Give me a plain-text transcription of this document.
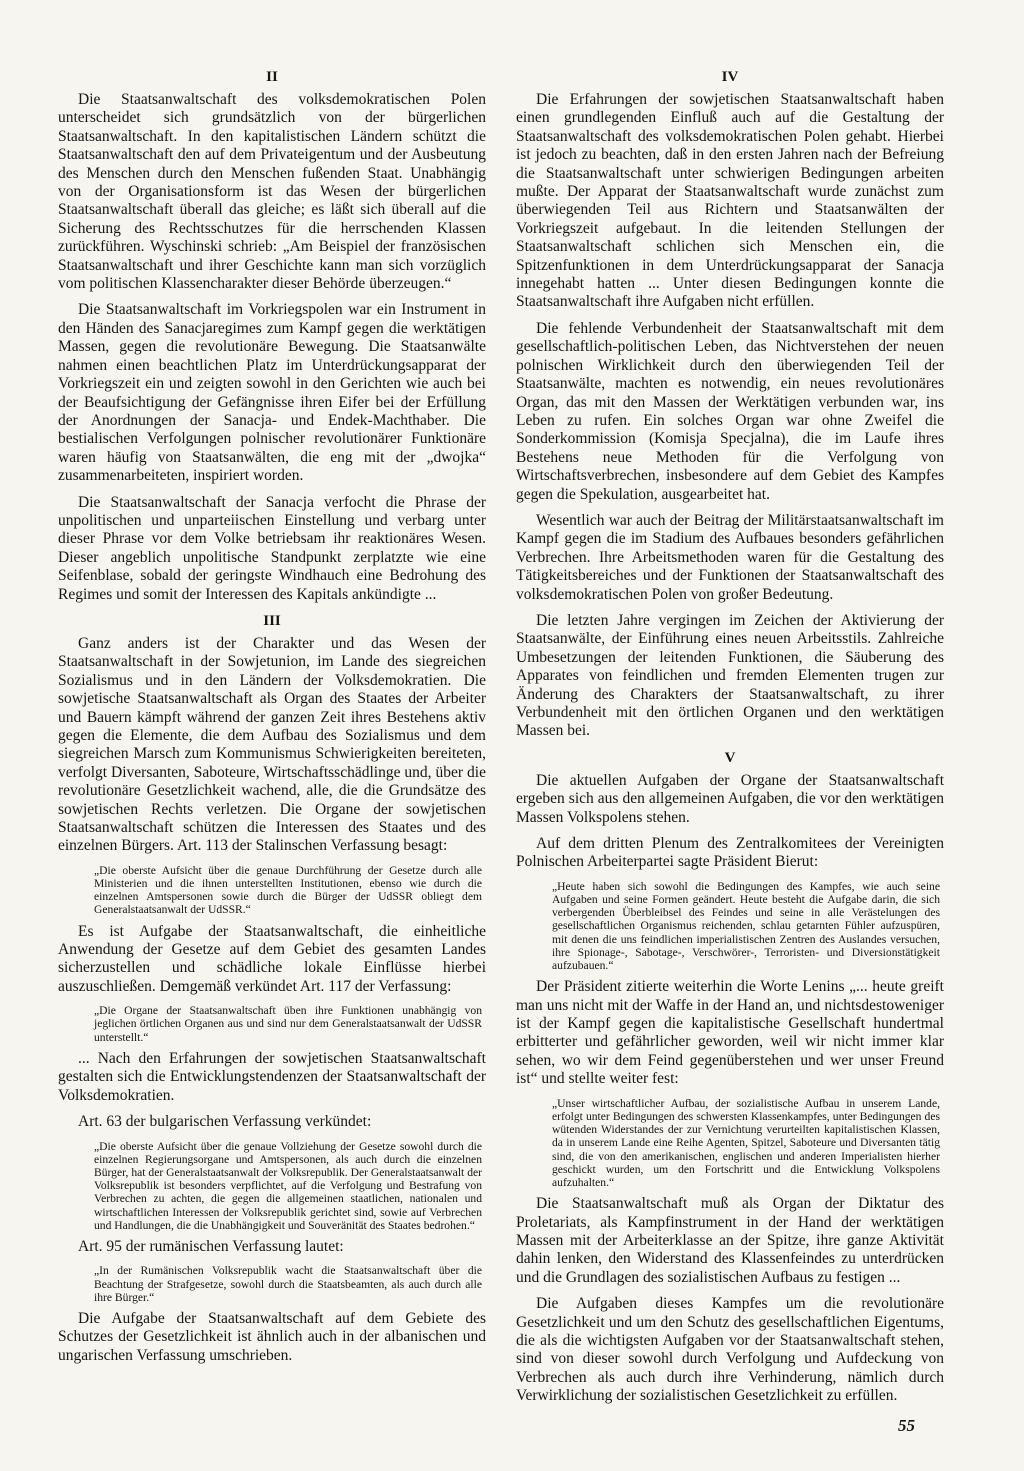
II

Die Staatsanwaltschaft des volksdemokratischen Polen unterscheidet sich grundsätzlich von der bürgerlichen Staatsanwaltschaft. In den kapitalistischen Ländern schützt die Staatsanwaltschaft den auf dem Privateigentum und der Ausbeutung des Menschen durch den Menschen fußenden Staat. Unabhängig von der Organisationsform ist das Wesen der bürgerlichen Staatsanwaltschaft überall das gleiche; es läßt sich überall auf die Sicherung des Rechtsschutzes für die herrschenden Klassen zurückführen. Wyschinski schrieb: „Am Beispiel der französischen Staatsanwaltschaft und ihrer Geschichte kann man sich vorzüglich vom politischen Klassencharakter dieser Behörde überzeugen.“

Die Staatsanwaltschaft im Vorkriegspolen war ein Instrument in den Händen des Sanacjaregimes zum Kampf gegen die werktätigen Massen, gegen die revolutionäre Bewegung. Die Staatsanwälte nahmen einen beachtlichen Platz im Unterdrückungsapparat der Vorkriegszeit ein und zeigten sowohl in den Gerichten wie auch bei der Beaufsichtigung der Gefängnisse ihren Eifer bei der Erfüllung der Anordnungen der Sanacja- und Endek-Machthaber. Die bestialischen Verfolgungen polnischer revolutionärer Funktionäre waren häufig von Staatsanwälten, die eng mit der „dwojka“ zusammenarbeiteten, inspiriert worden.

Die Staatsanwaltschaft der Sanacja verfocht die Phrase der unpolitischen und unparteiischen Einstellung und verbarg unter dieser Phrase vor dem Volke betriebsam ihr reaktionäres Wesen. Dieser angeblich unpolitische Standpunkt zerplatzte wie eine Seifenblase, sobald der geringste Windhauch eine Bedrohung des Regimes und somit der Interessen des Kapitals ankündigte ...

III

Ganz anders ist der Charakter und das Wesen der Staatsanwaltschaft in der Sowjetunion, im Lande des siegreichen Sozialismus und in den Ländern der Volksdemokratien. Die sowjetische Staatsanwaltschaft als Organ des Staates der Arbeiter und Bauern kämpft während der ganzen Zeit ihres Bestehens aktiv gegen die Elemente, die dem Aufbau des Sozialismus und dem siegreichen Marsch zum Kommunismus Schwierigkeiten bereiteten, verfolgt Diversanten, Saboteure, Wirtschaftsschädlinge und, über die revolutionäre Gesetzlichkeit wachend, alle, die die Grundsätze des sowjetischen Rechts verletzen. Die Organe der sowjetischen Staatsanwaltschaft schützen die Interessen des Staates und des einzelnen Bürgers. Art. 113 der Stalinschen Verfassung besagt:

„Die oberste Aufsicht über die genaue Durchführung der Gesetze durch alle Ministerien und die ihnen unterstellten Institutionen, ebenso wie durch die einzelnen Amtspersonen sowie durch die Bürger der UdSSR obliegt dem Generalstaatsanwalt der UdSSR.“

Es ist Aufgabe der Staatsanwaltschaft, die einheitliche Anwendung der Gesetze auf dem Gebiet des gesamten Landes sicherzustellen und schädliche lokale Einflüsse hierbei auszuschließen. Demgemäß verkündet Art. 117 der Verfassung:

„Die Organe der Staatsanwaltschaft üben ihre Funktionen unabhängig von jeglichen örtlichen Organen aus und sind nur dem Generalstaatsanwalt der UdSSR unterstellt.“

... Nach den Erfahrungen der sowjetischen Staatsanwaltschaft gestalten sich die Entwicklungstendenzen der Staatsanwaltschaft der Volksdemokratien.

Art. 63 der bulgarischen Verfassung verkündet:

„Die oberste Aufsicht über die genaue Vollziehung der Gesetze sowohl durch die einzelnen Regierungsorgane und Amtspersonen, als auch durch die einzelnen Bürger, hat der Generalstaatsanwalt der Volksrepublik. Der Generalstaatsanwalt der Volksrepublik ist besonders verpflichtet, auf die Verfolgung und Bestrafung von Verbrechen zu achten, die gegen die allgemeinen staatlichen, nationalen und wirtschaftlichen Interessen der Volksrepublik gerichtet sind, sowie auf Verbrechen und Handlungen, die die Unabhängigkeit und Souveränität des Staates bedrohen.“

Art. 95 der rumänischen Verfassung lautet:

„In der Rumänischen Volksrepublik wacht die Staatsanwaltschaft über die Beachtung der Strafgesetze, sowohl durch die Staatsbeamten, als auch durch alle ihre Bürger.“

Die Aufgabe der Staatsanwaltschaft auf dem Gebiete des Schutzes der Gesetzlichkeit ist ähnlich auch in der albanischen und ungarischen Verfassung umschrieben.

IV

Die Erfahrungen der sowjetischen Staatsanwaltschaft haben einen grundlegenden Einfluß auch auf die Gestaltung der Staatsanwaltschaft des volksdemokratischen Polen gehabt. Hierbei ist jedoch zu beachten, daß in den ersten Jahren nach der Befreiung die Staatsanwaltschaft unter schwierigen Bedingungen arbeiten mußte. Der Apparat der Staatsanwaltschaft wurde zunächst zum überwiegenden Teil aus Richtern und Staatsanwälten der Vorkriegszeit aufgebaut. In die leitenden Stellungen der Staatsanwaltschaft schlichen sich Menschen ein, die Spitzenfunktionen in dem Unterdrückungsapparat der Sanacja innegehabt hatten ... Unter diesen Bedingungen konnte die Staatsanwaltschaft ihre Aufgaben nicht erfüllen.

Die fehlende Verbundenheit der Staatsanwaltschaft mit dem gesellschaftlich-politischen Leben, das Nichtverstehen der neuen polnischen Wirklichkeit durch den überwiegenden Teil der Staatsanwälte, machten es notwendig, ein neues revolutionäres Organ, das mit den Massen der Werktätigen verbunden war, ins Leben zu rufen. Ein solches Organ war ohne Zweifel die Sonderkommission (Komisja Specjalna), die im Laufe ihres Bestehens neue Methoden für die Verfolgung von Wirtschaftsverbrechen, insbesondere auf dem Gebiet des Kampfes gegen die Spekulation, ausgearbeitet hat.

Wesentlich war auch der Beitrag der Militärstaatsanwaltschaft im Kampf gegen die im Stadium des Aufbaues besonders gefährlichen Verbrechen. Ihre Arbeitsmethoden waren für die Gestaltung des Tätigkeitsbereiches und der Funktionen der Staatsanwaltschaft des volksdemokratischen Polen von großer Bedeutung.

Die letzten Jahre vergingen im Zeichen der Aktivierung der Staatsanwälte, der Einführung eines neuen Arbeitsstils. Zahlreiche Umbesetzungen der leitenden Funktionen, die Säuberung des Apparates von feindlichen und fremden Elementen trugen zur Änderung des Charakters der Staatsanwaltschaft, zu ihrer Verbundenheit mit den örtlichen Organen und den werktätigen Massen bei.

V

Die aktuellen Aufgaben der Organe der Staatsanwaltschaft ergeben sich aus den allgemeinen Aufgaben, die vor den werktätigen Massen Volkspolens stehen.

Auf dem dritten Plenum des Zentralkomitees der Vereinigten Polnischen Arbeiterpartei sagte Präsident Bierut:

„Heute haben sich sowohl die Bedingungen des Kampfes, wie auch seine Aufgaben und seine Formen geändert. Heute besteht die Aufgabe darin, die sich verbergenden Überbleibsel des Feindes und seine in alle Verästelungen des gesellschaftlichen Organismus reichenden, schlau getarnten Fühler aufzuspüren, mit denen die uns feindlichen imperialistischen Zentren des Auslandes versuchen, ihre Spionage-, Sabotage-, Verschwörer-, Terroristen- und Diversionstätigkeit aufzubauen.“

Der Präsident zitierte weiterhin die Worte Lenins „... heute greift man uns nicht mit der Waffe in der Hand an, und nichtsdestoweniger ist der Kampf gegen die kapitalistische Gesellschaft hundertmal erbitterter und gefährlicher geworden, weil wir nicht immer klar sehen, wo wir dem Feind gegenüberstehen und wer unser Freund ist“ und stellte weiter fest:

„Unser wirtschaftlicher Aufbau, der sozialistische Aufbau in unserem Lande, erfolgt unter Bedingungen des schwersten Klassenkampfes, unter Bedingungen des wütenden Widerstandes der zur Vernichtung verurteilten kapitalistischen Klassen, da in unserem Lande eine Reihe Agenten, Spitzel, Saboteure und Diversanten tätig sind, die von den amerikanischen, englischen und anderen Imperialisten hierher geschickt wurden, um den Fortschritt und die Entwicklung Volkspolens aufzuhalten.“

Die Staatsanwaltschaft muß als Organ der Diktatur des Proletariats, als Kampfinstrument in der Hand der werktätigen Massen mit der Arbeiterklasse an der Spitze, ihre ganze Aktivität dahin lenken, den Widerstand des Klassenfeindes zu unterdrücken und die Grundlagen des sozialistischen Aufbaus zu festigen ...

Die Aufgaben dieses Kampfes um die revolutionäre Gesetzlichkeit und um den Schutz des gesellschaftlichen Eigentums, die als die wichtigsten Aufgaben vor der Staatsanwaltschaft stehen, sind von dieser sowohl durch Verfolgung und Aufdeckung von Verbrechen als auch durch ihre Verhinderung, nämlich durch Verwirklichung der sozialistischen Gesetzlichkeit zu erfüllen.

55
